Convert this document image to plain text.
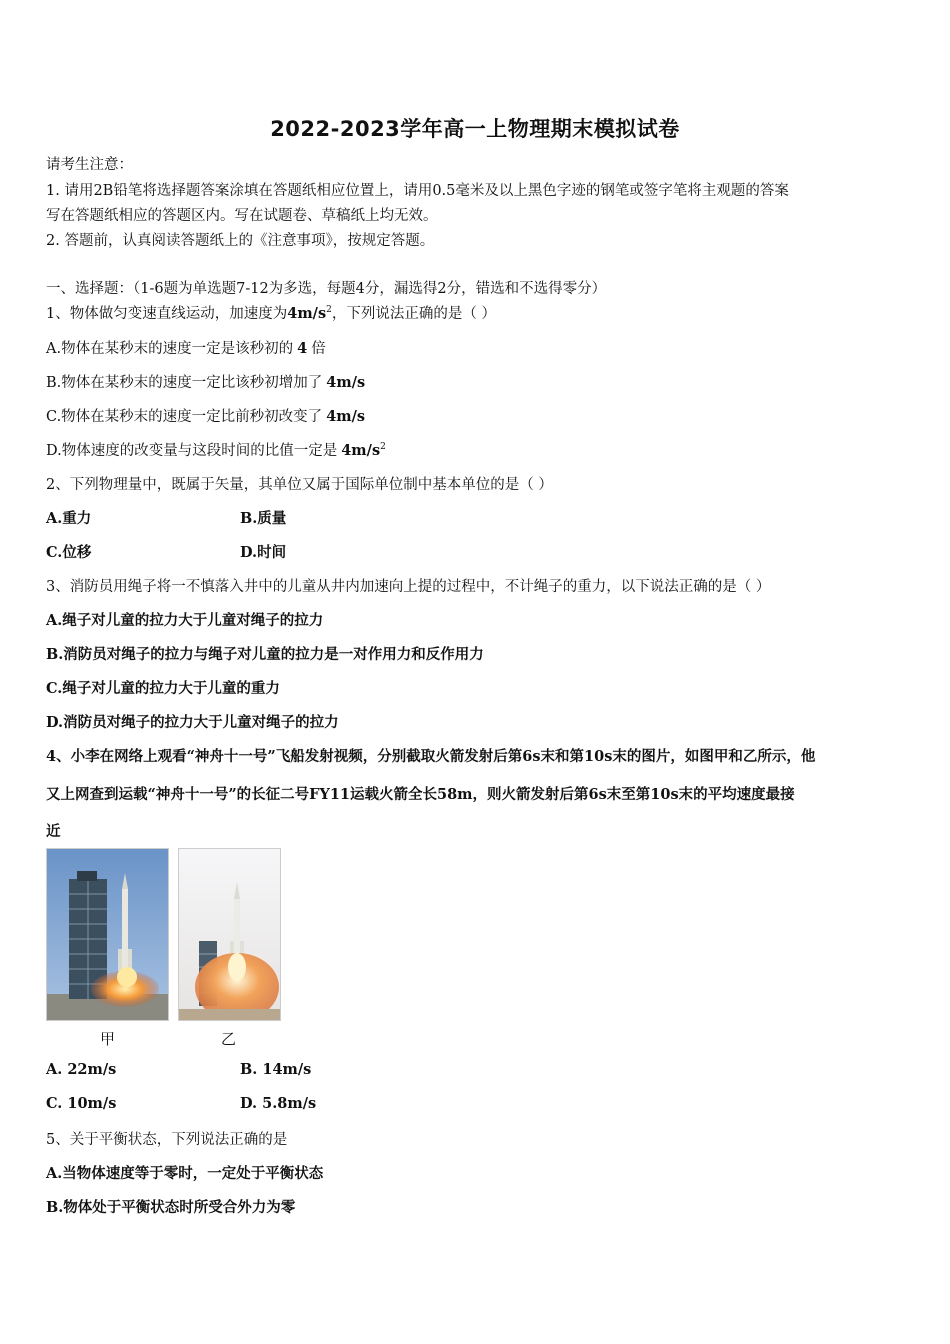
2022-2023学年高一上物理期末模拟试卷
请考生注意：
1. 请用2B铅笔将选择题答案涂填在答题纸相应位置上，请用0.5毫米及以上黑色字迹的钢笔或签字笔将主观题的答案
写在答题纸相应的答题区内。写在试题卷、草稿纸上均无效。
2. 答题前，认真阅读答题纸上的《注意事项》，按规定答题。
一、选择题：（1-6题为单选题7-12为多选，每题4分，漏选得2分，错选和不选得零分）
1、物体做匀变速直线运动，加速度为$4m/s^2$，下列说法正确的是（ ）
A.物体在某秒末的速度一定是该秒初的 4 倍
B.物体在某秒末的速度一定比该秒初增加了 4m/s
C.物体在某秒末的速度一定比前秒初改变了 4m/s
D.物体速度的改变量与这段时间的比值一定是 $4m/s^2$
2、下列物理量中，既属于矢量，其单位又属于国际单位制中基本单位的是（ ）
A.重力	B.质量
C.位移	D.时间
3、消防员用绳子将一不慎落入井中的儿童从井内加速向上提的过程中，不计绳子的重力，以下说法正确的是（ ）
A.绳子对儿童的拉力大于儿童对绳子的拉力
B.消防员对绳子的拉力与绳子对儿童的拉力是一对作用力和反作用力
C.绳子对儿童的拉力大于儿童的重力
D.消防员对绳子的拉力大于儿童对绳子的拉力
4、小李在网络上观看“神舟十一号”飞船发射视频，分别截取火箭发射后第6s末和第10s末的图片，如图甲和乙所示，他
又上网查到运载“神舟十一号”的长征二号FY11运载火箭全长58m，则火箭发射后第6s末至第10s末的平均速度最接
近
甲	乙
A. 22m/s	B. 14m/s
C. 10m/s	D. 5.8m/s
5、关于平衡状态，下列说法正确的是
A.当物体速度等于零时，一定处于平衡状态
B.物体处于平衡状态时所受合外力为零
